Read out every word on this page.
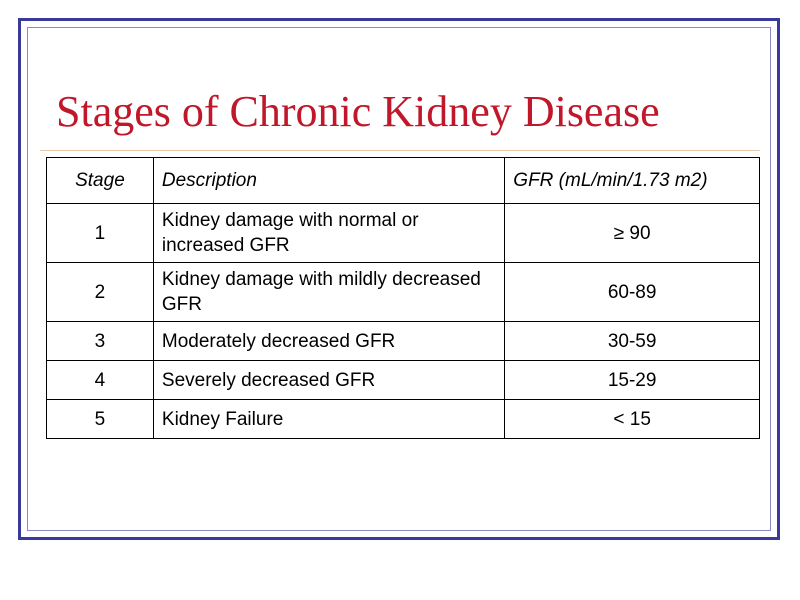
Stages of Chronic Kidney Disease
Stage	Description	GFR (mL/min/1.73 m2)
1	Kidney damage with normal or increased GFR	≥ 90
2	Kidney damage with mildly decreased GFR	60-89
3	Moderately decreased GFR	30-59
4	Severely decreased GFR	15-29
5	Kidney Failure	< 15
